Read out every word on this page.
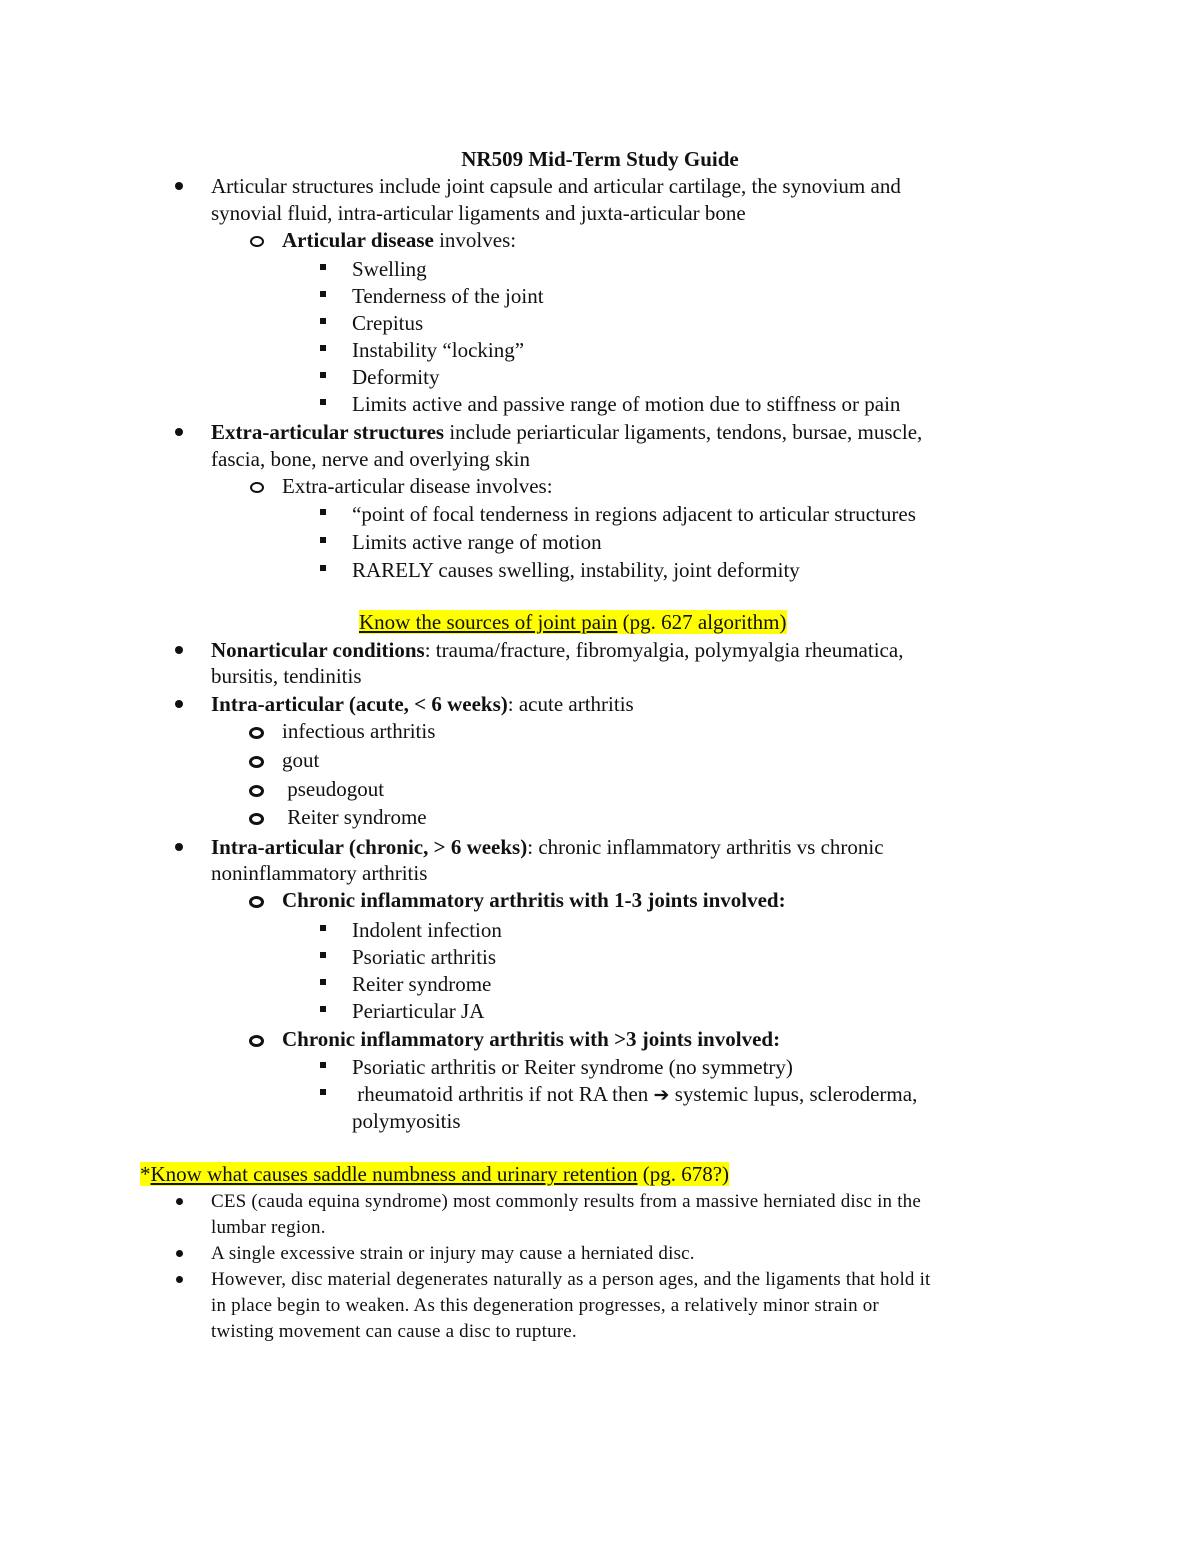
NR509 Mid-Term Study Guide
Articular structures include joint capsule and articular cartilage, the synovium and
synovial fluid, intra-articular ligaments and juxta-articular bone
Articular disease involves:
Swelling
Tenderness of the joint
Crepitus
Instability “locking”
Deformity
Limits active and passive range of motion due to stiffness or pain
Extra-articular structures include periarticular ligaments, tendons, bursae, muscle,
fascia, bone, nerve and overlying skin
Extra-articular disease involves:
“point of focal tenderness in regions adjacent to articular structures
Limits active range of motion
RARELY causes swelling, instability, joint deformity
Know the sources of joint pain (pg. 627 algorithm)
Nonarticular conditions: trauma/fracture, fibromyalgia, polymyalgia rheumatica,
bursitis, tendinitis
Intra-articular (acute, < 6 weeks): acute arthritis
infectious arthritis
gout
pseudogout
Reiter syndrome
Intra-articular (chronic, > 6 weeks): chronic inflammatory arthritis vs chronic
noninflammatory arthritis
Chronic inflammatory arthritis with 1-3 joints involved:
Indolent infection
Psoriatic arthritis
Reiter syndrome
Periarticular JA
Chronic inflammatory arthritis with >3 joints involved:
Psoriatic arthritis or Reiter syndrome (no symmetry)
rheumatoid arthritis if not RA then ➔ systemic lupus, scleroderma,
polymyositis
*Know what causes saddle numbness and urinary retention (pg. 678?)
CES (cauda equina syndrome) most commonly results from a massive herniated disc in the
lumbar region.
A single excessive strain or injury may cause a herniated disc.
However, disc material degenerates naturally as a person ages, and the ligaments that hold it
in place begin to weaken. As this degeneration progresses, a relatively minor strain or
twisting movement can cause a disc to rupture.
